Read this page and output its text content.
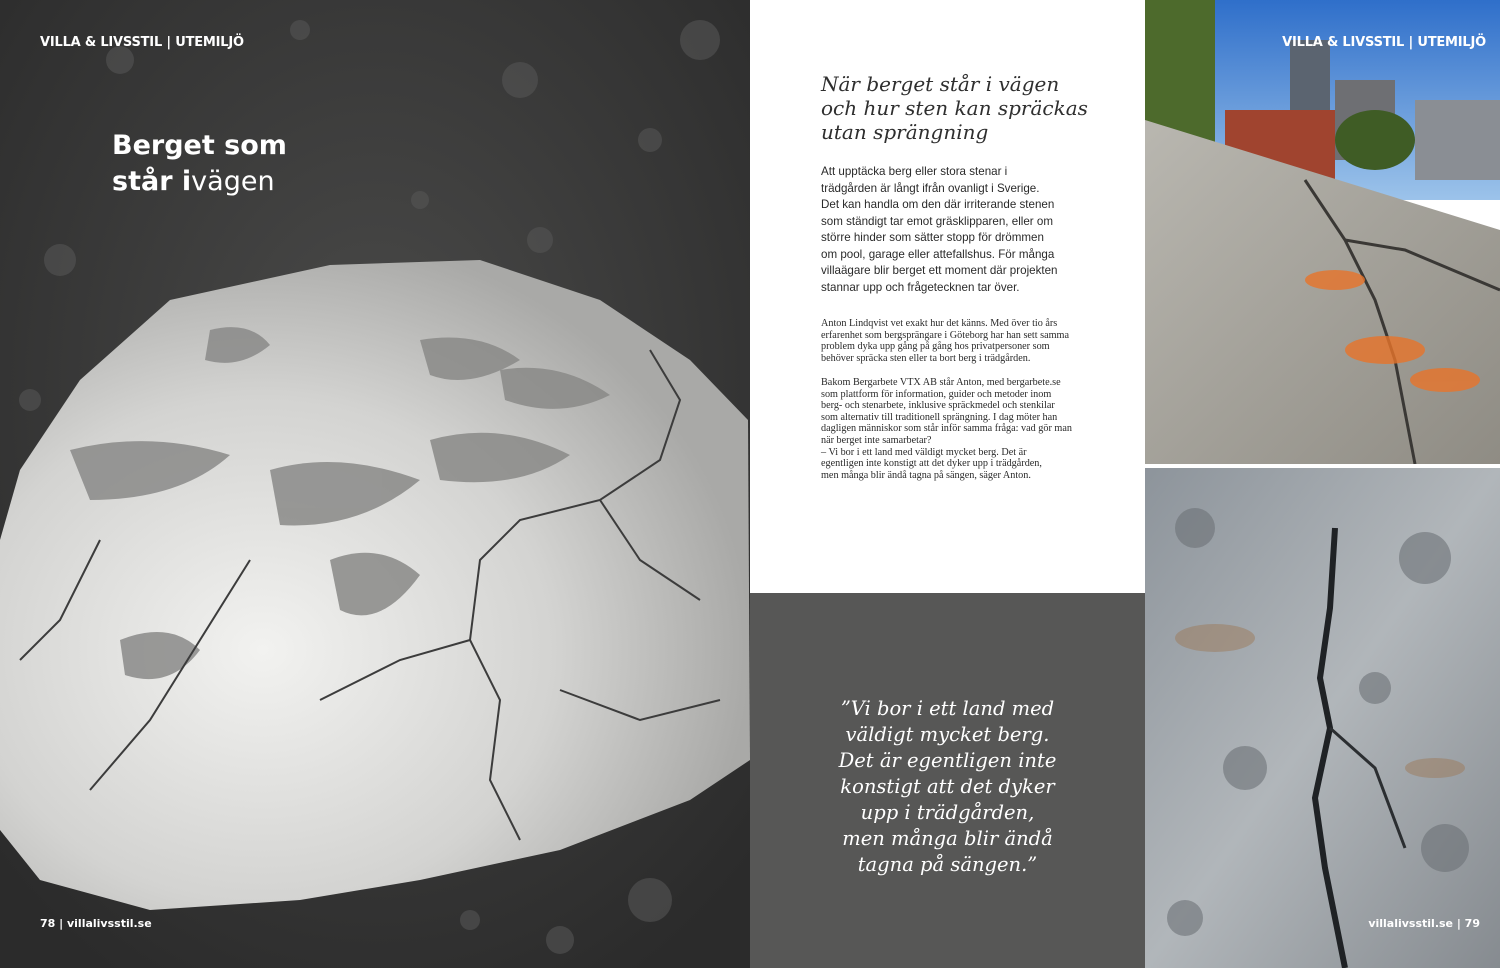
VILLA & LIVSSTIL | UTEMILJÖ	VILLA & LIVSSTIL | UTEMILJÖ
Berget som
står ivägen
När berget står i vägen
och hur sten kan spräckas
utan sprängning
Att upptäcka berg eller stora stenar i
trädgården är långt ifrån ovanligt i Sverige.
Det kan handla om den där irriterande stenen
som ständigt tar emot gräsklipparen, eller om
större hinder som sätter stopp för drömmen
om pool, garage eller attefallshus. För många
villaägare blir berget ett moment där projekten
stannar upp och frågetecknen tar över.
Anton Lindqvist vet exakt hur det känns. Med över tio års
erfarenhet som bergsprängare i Göteborg har han sett samma
problem dyka upp gång på gång hos privatpersoner som
behöver spräcka sten eller ta bort berg i trädgården.
Bakom Bergarbete VTX AB står Anton, med bergarbete.se
som plattform för information, guider och metoder inom
berg- och stenarbete, inklusive spräckmedel och stenkilar
som alternativ till traditionell sprängning. I dag möter han
dagligen människor som står inför samma fråga: vad gör man
när berget inte samarbetar?
– Vi bor i ett land med väldigt mycket berg. Det är
egentligen inte konstigt att det dyker upp i trädgården,
men många blir ändå tagna på sängen, säger Anton.
”Vi bor i ett land med
väldigt mycket berg.
Det är egentligen inte
konstigt att det dyker
upp i trädgården,
men många blir ändå
tagna på sängen.”
78 | villalivsstil.se	villalivsstil.se | 79
